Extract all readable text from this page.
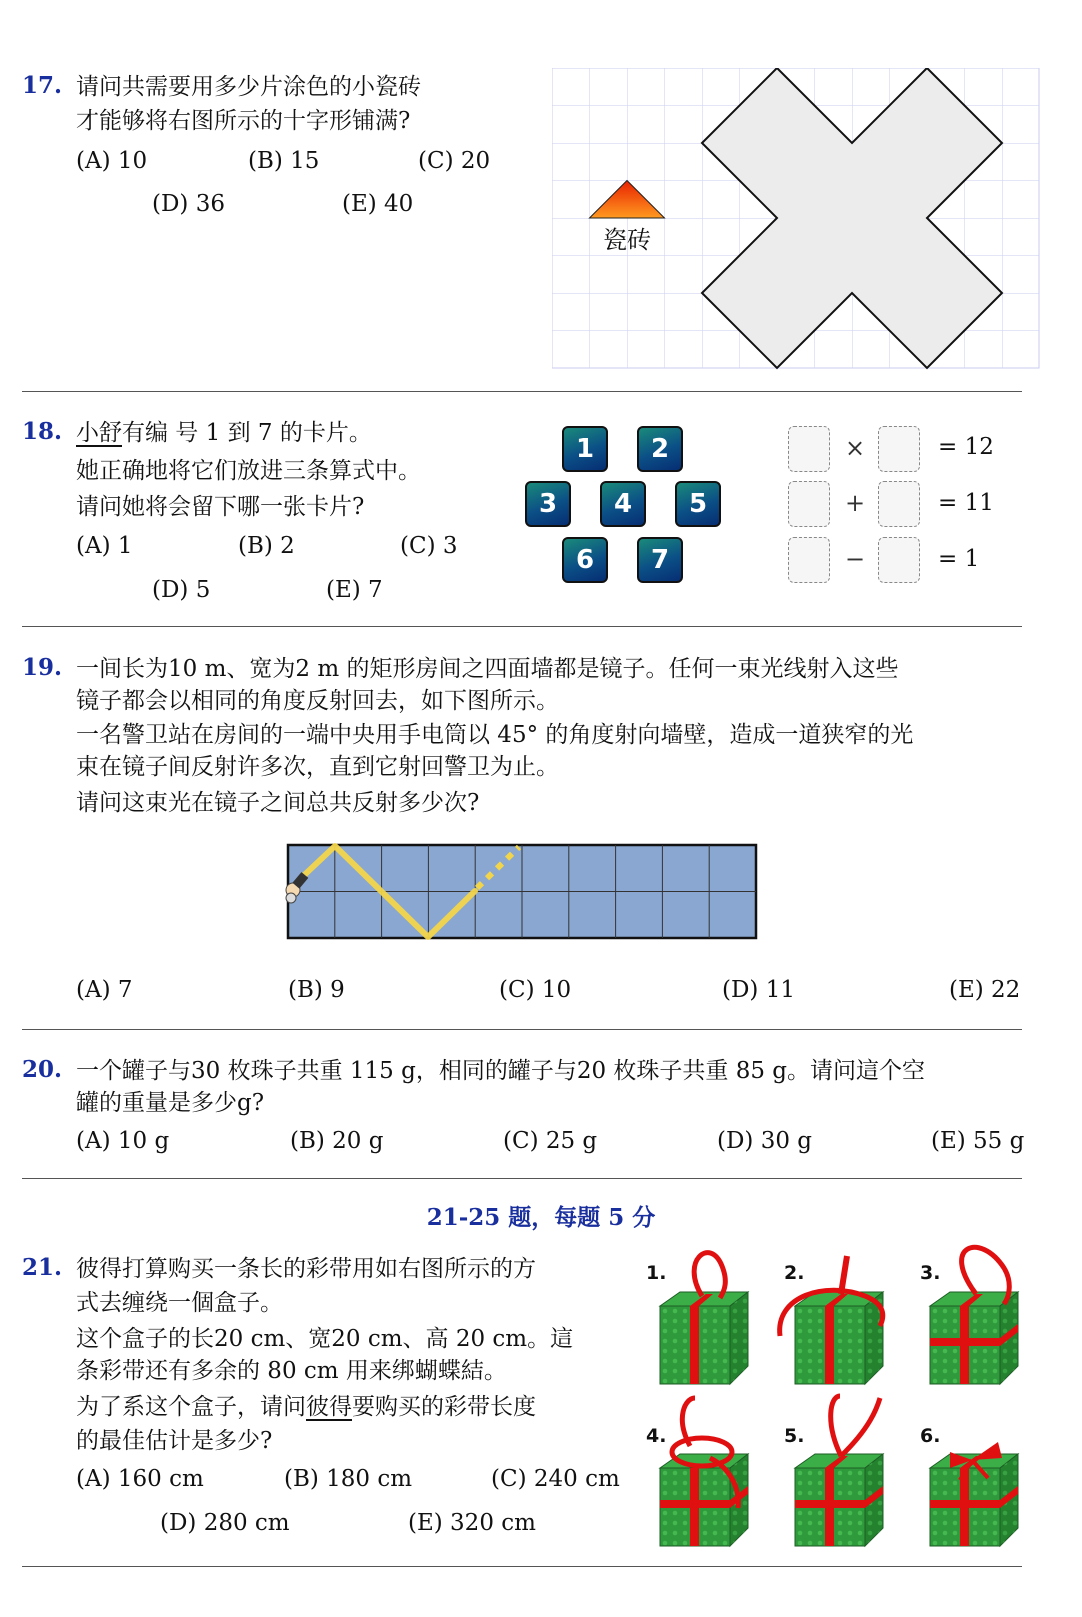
17. 请问共需要用多少片涂色的小瓷砖
才能够将右图所示的十字形铺满?
(A) 10	(B) 15	(C) 20
(D) 36	(E) 40
瓷砖
18. 小舒有编 号 1 到 7 的卡片。
她正确地将它们放进三条算式中。
请问她将会留下哪一张卡片?
(A) 1	(B) 2	(C) 3
(D) 5	(E) 7
1	2
3	4	5
6	7
×	= 12
+	= 11
−	= 1
19. 一间长为10 m、宽为2 m 的矩形房间之四面墙都是镜子。任何一束光线射入这些
镜子都会以相同的角度反射回去，如下图所示。
一名警卫站在房间的一端中央用手电筒以 45° 的角度射向墙壁，造成一道狭窄的光
束在镜子间反射许多次，直到它射回警卫为止。
请问这束光在镜子之间总共反射多少次?
(A) 7	(B) 9	(C) 10	(D) 11	(E) 22
20. 一个罐子与30 枚珠子共重 115 g，相同的罐子与20 枚珠子共重 85 g。请问這个空
罐的重量是多少g?
(A) 10 g	(B) 20 g	(C) 25 g	(D) 30 g	(E) 55 g
21-25 题，每题 5 分
21. 彼得打算购买一条长的彩带用如右图所示的方
式去缠绕一個盒子。
这个盒子的长20 cm、宽20 cm、高 20 cm。這
条彩带还有多余的 80 cm 用来绑蝴蝶結。
为了系这个盒子，请问彼得要购买的彩带长度
的最佳估计是多少?
(A) 160 cm	(B) 180 cm	(C) 240 cm
(D) 280 cm	(E) 320 cm
1.	2.	3.
4.	5.	6.
